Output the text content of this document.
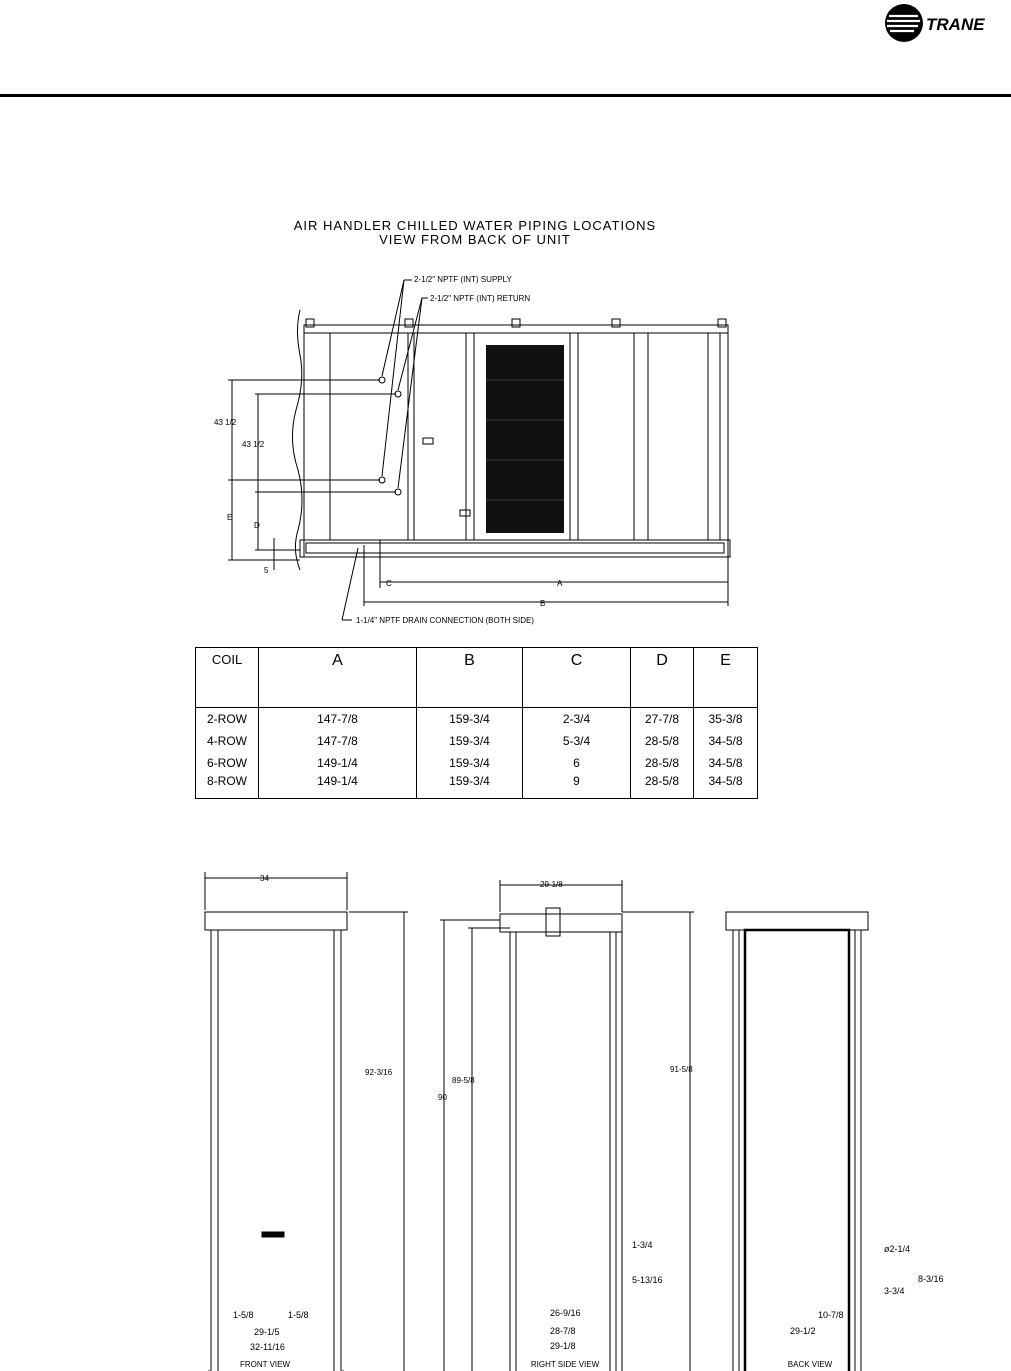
TRANE
AIR HANDLER CHILLED WATER PIPING LOCATIONS
VIEW FROM BACK OF UNIT
2-1/2" NPTF (INT) SUPPLY
2-1/2" NPTF (INT) RETURN
1-1/4" NPTF DRAIN CONNECTION (BOTH SIDE)
43 1/2
43 1/2
E
D
5
C	A
B
COIL	A	B	C	D	E
2-ROW	147-7/8	159-3/4	2-3/4	27-7/8	35-3/8
4-ROW	147-7/8	159-3/4	5-3/4	28-5/8	34-5/8
6-ROW	149-1/4	159-3/4	6	28-5/8	34-5/8
8-ROW	149-1/4	159-3/4	9	28-5/8	34-5/8
34
92-3/16
29-1/8
89-5/8
90
91-5/8
1-5/8	1-5/8
29-1/5
32-11/16
FRONT VIEW
1-3/4
5-13/16
26-9/16
28-7/8
29-1/8
RIGHT SIDE VIEW
ø2-1/4
3-3/4
8-3/16
10-7/8
29-1/2
BACK VIEW
